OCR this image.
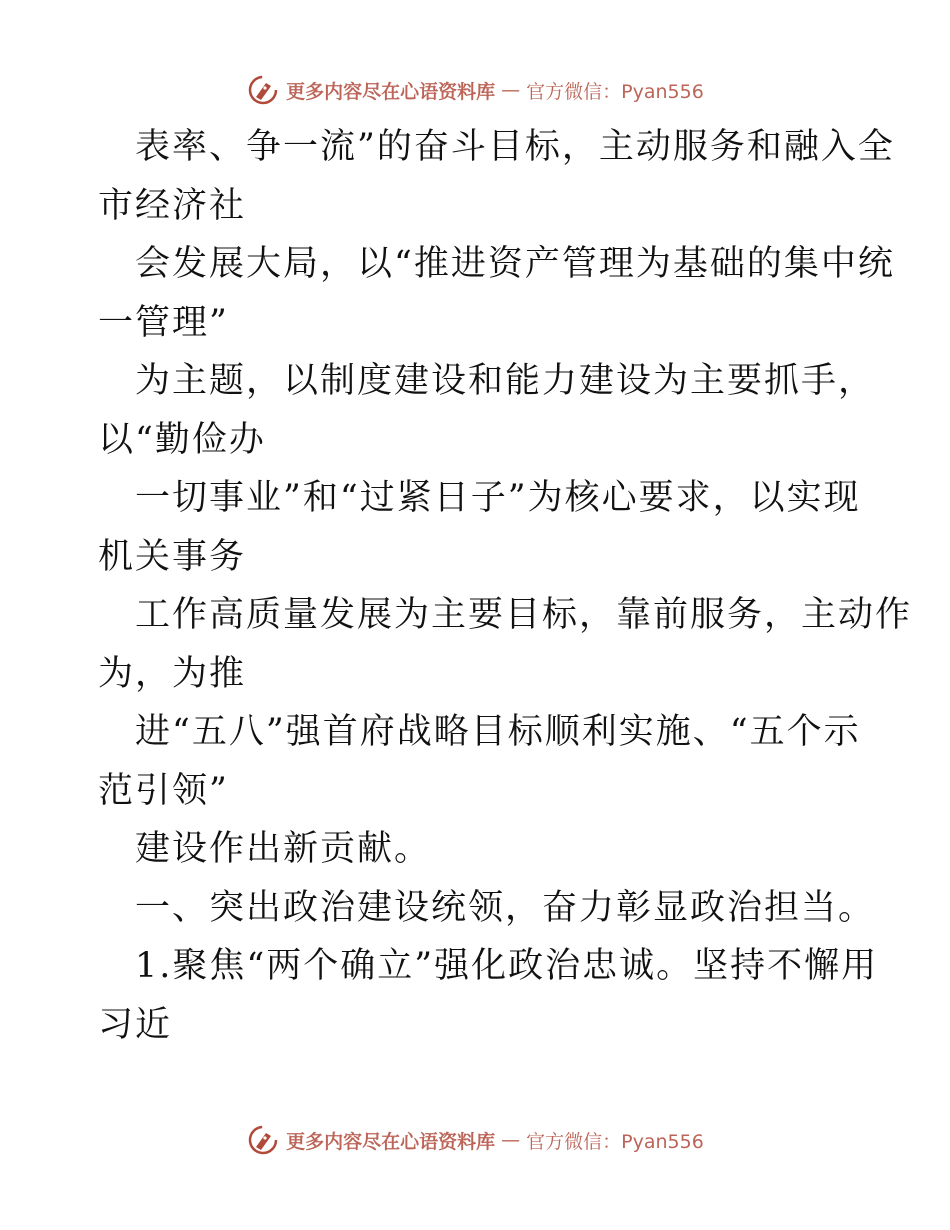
更多内容尽在心语资料库 — 官方微信：Pyan556
表率、争一流”的奋斗目标，主动服务和融入全
市经济社
会发展大局，以“推进资产管理为基础的集中统
一管理”
为主题，以制度建设和能力建设为主要抓手，
以“勤俭办
一切事业”和“过紧日子”为核心要求，以实现
机关事务
工作高质量发展为主要目标，靠前服务，主动作
为，为推
进“五八”强首府战略目标顺利实施、“五个示
范引领”
建设作出新贡献。
一、突出政治建设统领，奋力彰显政治担当。
1.聚焦“两个确立”强化政治忠诚。坚持不懈用
习近
更多内容尽在心语资料库 — 官方微信：Pyan556
